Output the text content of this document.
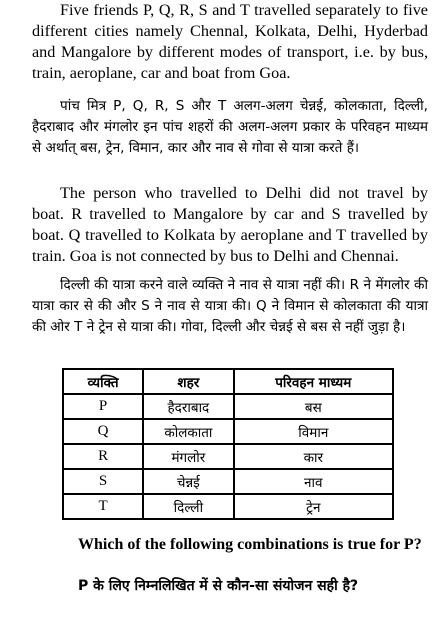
Five friends P, Q, R, S and T travelled separately to five different cities namely Chennal, Kolkata, Delhi, Hyderbad and Mangalore by different modes of transport, i.e. by bus, train, aeroplane, car and boat from Goa.
पांच मित्र P, Q, R, S और T अलग-अलग चेन्नई, कोलकाता, दिल्ली, हैदराबाद और मंगलोर इन पांच शहरों की अलग-अलग प्रकार के परिवहन माध्यम से अर्थात् बस, ट्रेन, विमान, कार और नाव से गोवा से यात्रा करते हैं।
The person who travelled to Delhi did not travel by boat. R travelled to Mangalore by car and S travelled by boat. Q travelled to Kolkata by aeroplane and T travelled by train. Goa is not connected by bus to Delhi and Chennai.
दिल्ली की यात्रा करने वाले व्यक्ति ने नाव से यात्रा नहीं की। R ने मेंगलोर की यात्रा कार से की और S ने नाव से यात्रा की। Q ने विमान से कोलकाता की यात्रा की ओर T ने ट्रेन से यात्रा की। गोवा, दिल्ली और चेन्नई से बस से नहीं जुड़ा है।
व्यक्ति	शहर	परिवहन माध्यम
P	हैदराबाद	बस
Q	कोलकाता	विमान
R	मंगलोर	कार
S	चेन्नई	नाव
T	दिल्ली	ट्रेन
Which of the following combinations is true for P?
P के लिए निम्नलिखित में से कौन-सा संयोजन सही है?
